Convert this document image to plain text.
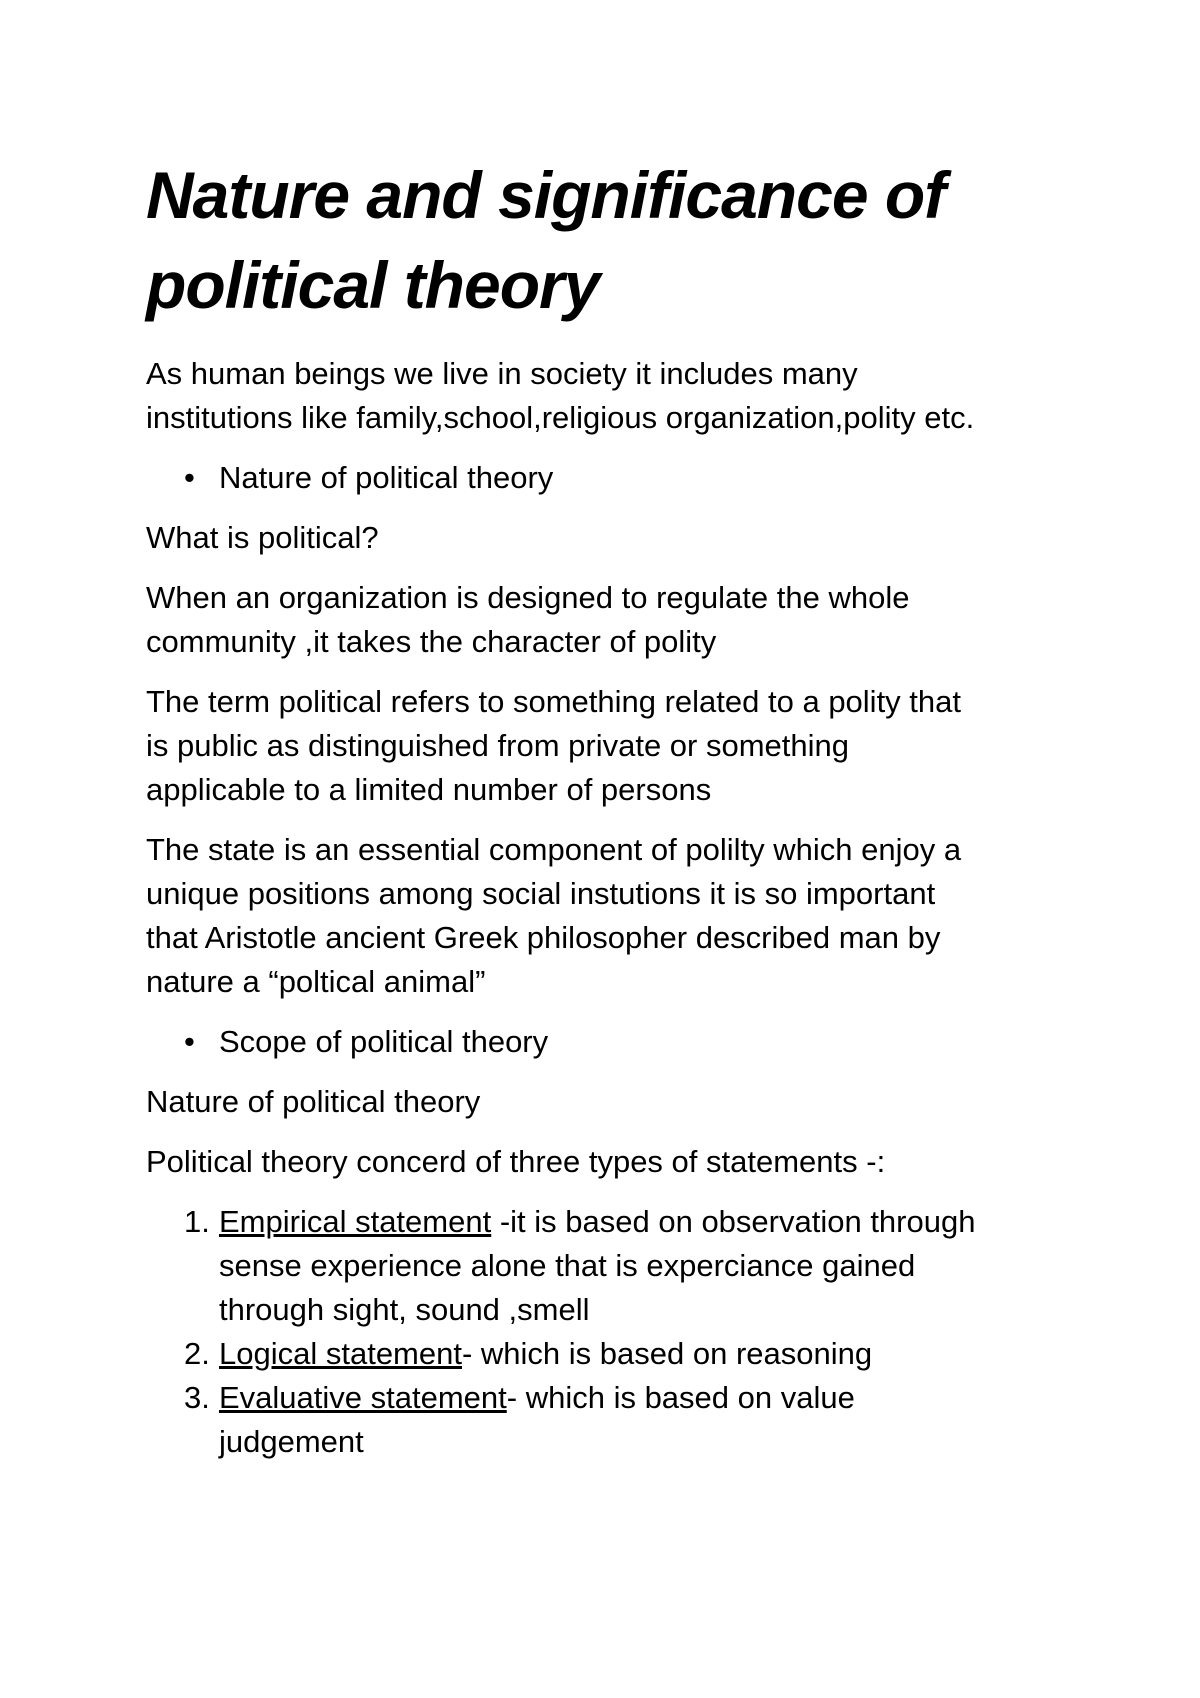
Nature and significance of
political theory
As human beings we live in society it includes many
institutions like family,school,religious organization,polity etc.
• Nature of political theory
What is political?
When an organization is designed to regulate the whole
community ,it takes the character of polity
The term political refers to something related to a polity that
is public as distinguished from private or something
applicable to a limited number of persons
The state is an essential component of polilty which enjoy a
unique positions among social instutions it is so important
that Aristotle ancient Greek philosopher described man by
nature a “poltical animal”
• Scope of political theory
Nature of political theory
Political theory concerd of three types of statements -:
1. Empirical statement -it is based on observation through
sense experience alone that is experciance gained
through sight, sound ,smell
2. Logical statement- which is based on reasoning
3. Evaluative statement- which is based on value
judgement
